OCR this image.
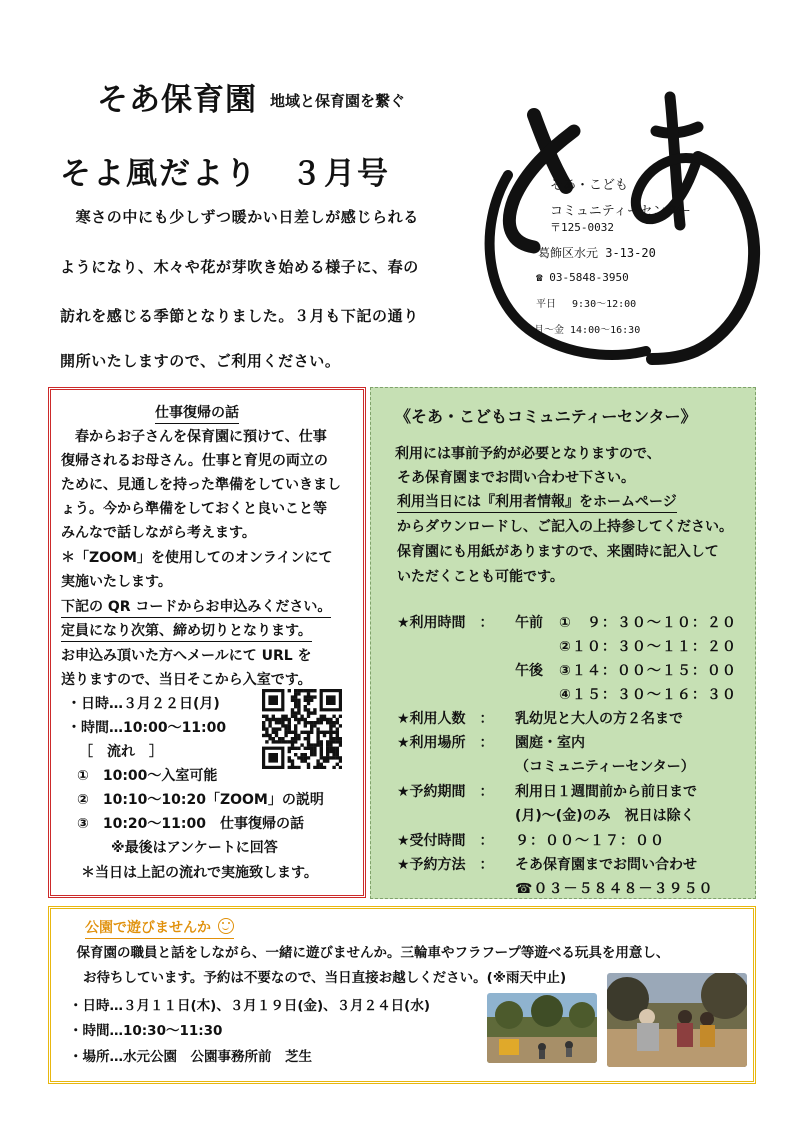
そあ保育園 地域と保育園を繋ぐ
そよ風だより　３月号
　寒さの中にも少しずつ暖かい日差しが感じられる
ようになり、木々や花が芽吹き始める様子に、春の
訪れを感じる季節となりました。３月も下記の通り
開所いたしますので、ご利用ください。
そあ・こども
コミュニティーセンター
〒125-0032
葛飾区水元 3-13-20
☎ 03-5848-3950
平日　 9:30～12:00
月～金 14:00～16:30
仕事復帰の話
　春からお子さんを保育園に預けて、仕事
復帰されるお母さん。仕事と育児の両立の
ために、見通しを持った準備をしていきまし
ょう。今から準備をしておくと良いこと等
みんなで話しながら考えます。
＊「ZOOM」を使用してのオンラインにて
実施いたします。
下記の QR コードからお申込みください。
定員になり次第、締め切りとなります。
お申込み頂いた方へメールにて URL を
送りますので、当日そこから入室です。
・日時…３月２２日(月)
・時間…10:00～11:00
［　流れ　］
①　10:00～入室可能
②　10:10～10:20「ZOOM」の説明
③　10:20～11:00　仕事復帰の話
※最後はアンケートに回答
＊当日は上記の流れで実施致します。
《そあ・こどもコミュニティーセンター》
　利用には事前予約が必要となりますので、
そあ保育園までお問い合わせ下さい。
利用当日には『利用者情報』をホームページ
からダウンロードし、ご記入の上持参してください。
保育園にも用紙がありますので、来園時に記入して
いただくことも可能です。
★利用時間　： 午前 ①　９：３０～１０：２０
②１０：３０～１１：２０
午後 ③１４：００～１５：００
④１５：３０～１６：３０
★利用人数　： 乳幼児と大人の方２名まで
★利用場所　： 園庭・室内
（コミュニティーセンター）
★予約期間　： 利用日１週間前から前日まで
(月)～(金)のみ　祝日は除く
★受付時間　： ９：００～１７：００
★予約方法　： そあ保育園までお問い合わせ
☎０３－５８４８－３９５０
公園で遊びませんか
　保育園の職員と話をしながら、一緒に遊びませんか。三輪車やフラフープ等遊べる玩具を用意し、
お待ちしています。予約は不要なので、当日直接お越しください。(※雨天中止)
・日時…３月１１日(木)、３月１９日(金)、３月２４日(水)
・時間…10:30～11:30
・場所…水元公園　公園事務所前　芝生
